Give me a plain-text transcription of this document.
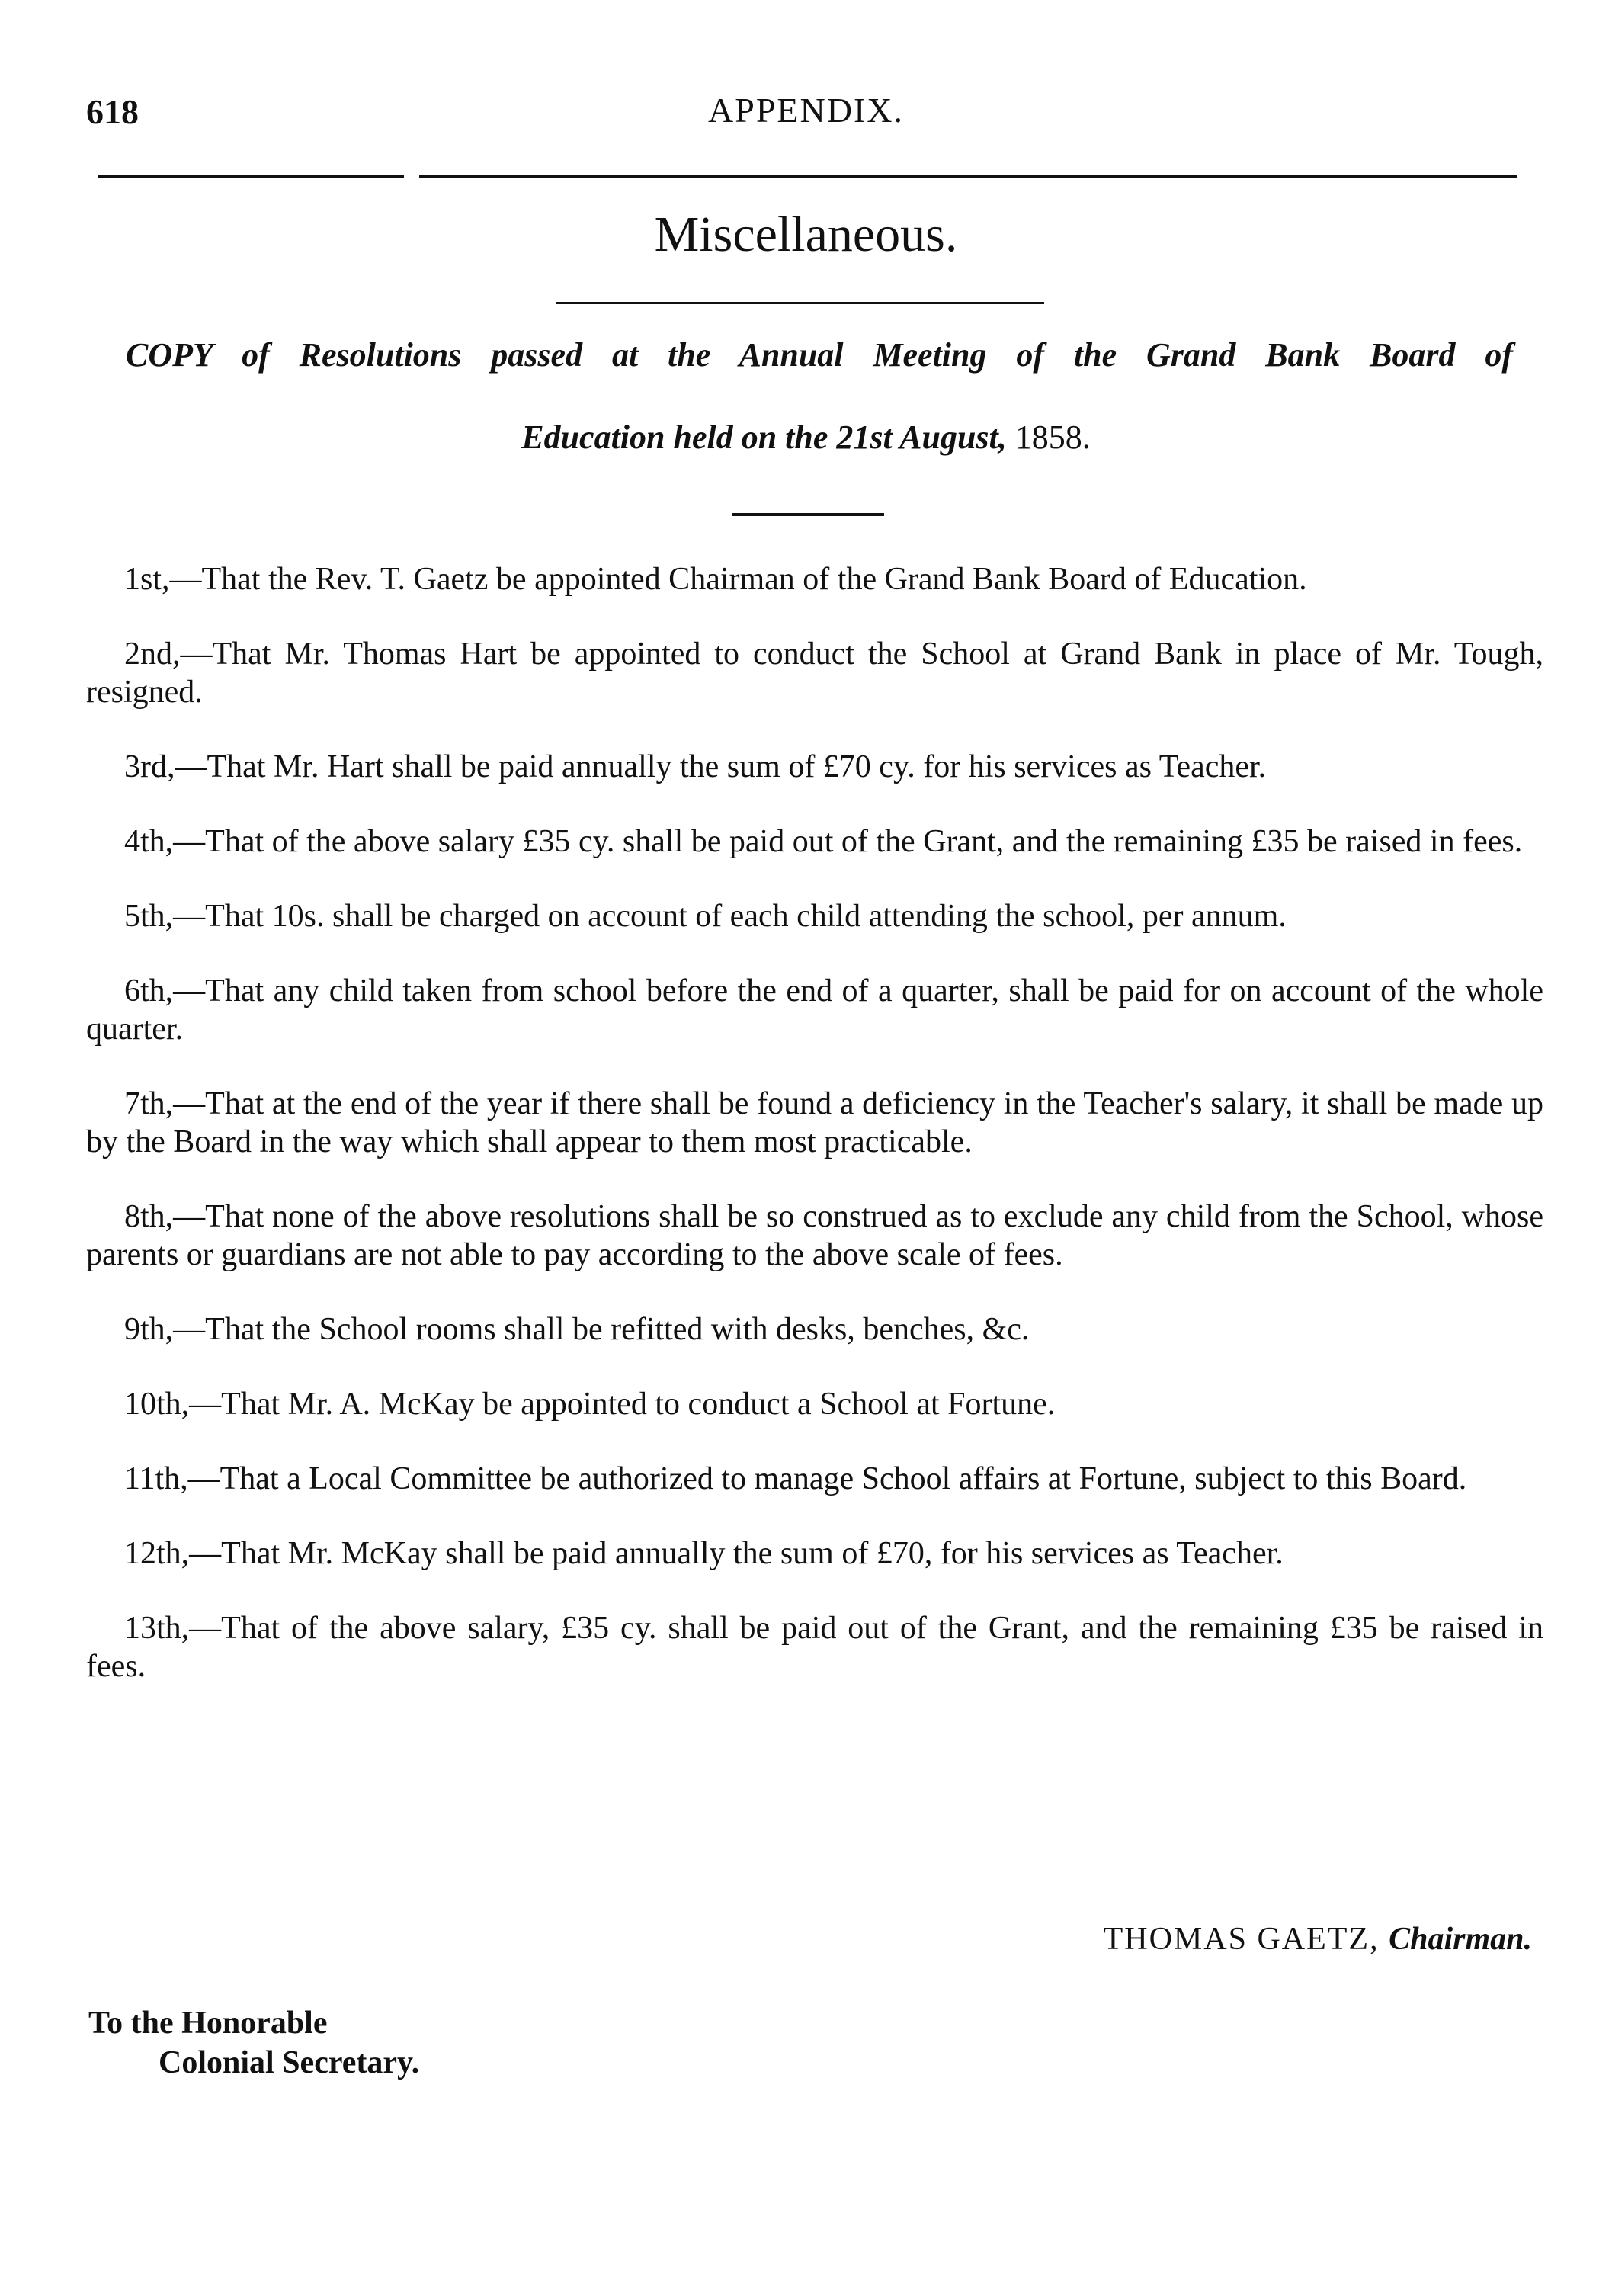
618	APPENDIX.
Miscellaneous.
COPY of Resolutions passed at the Annual Meeting of the Grand Bank Board of
Education held on the 21st August, 1858.

1st,—That the Rev. T. Gaetz be appointed Chairman of the Grand Bank Board of Education.

2nd,—That Mr. Thomas Hart be appointed to conduct the School at Grand Bank in place of Mr. Tough, resigned.

3rd,—That Mr. Hart shall be paid annually the sum of £70 cy. for his services as Teacher.

4th,—That of the above salary £35 cy. shall be paid out of the Grant, and the remaining £35 be raised in fees.

5th,—That 10s. shall be charged on account of each child attending the school, per annum.

6th,—That any child taken from school before the end of a quarter, shall be paid for on account of the whole quarter.

7th,—That at the end of the year if there shall be found a deficiency in the Teacher's salary, it shall be made up by the Board in the way which shall appear to them most practicable.

8th,—That none of the above resolutions shall be so construed as to exclude any child from the School, whose parents or guardians are not able to pay according to the above scale of fees.

9th,—That the School rooms shall be refitted with desks, benches, &c.

10th,—That Mr. A. McKay be appointed to conduct a School at Fortune.

11th,—That a Local Committee be authorized to manage School affairs at Fortune, subject to this Board.

12th,—That Mr. McKay shall be paid annually the sum of £70, for his services as Teacher.

13th,—That of the above salary, £35 cy. shall be paid out of the Grant, and the remaining £35 be raised in fees.

THOMAS GAETZ, Chairman.
To the Honorable
Colonial Secretary.
